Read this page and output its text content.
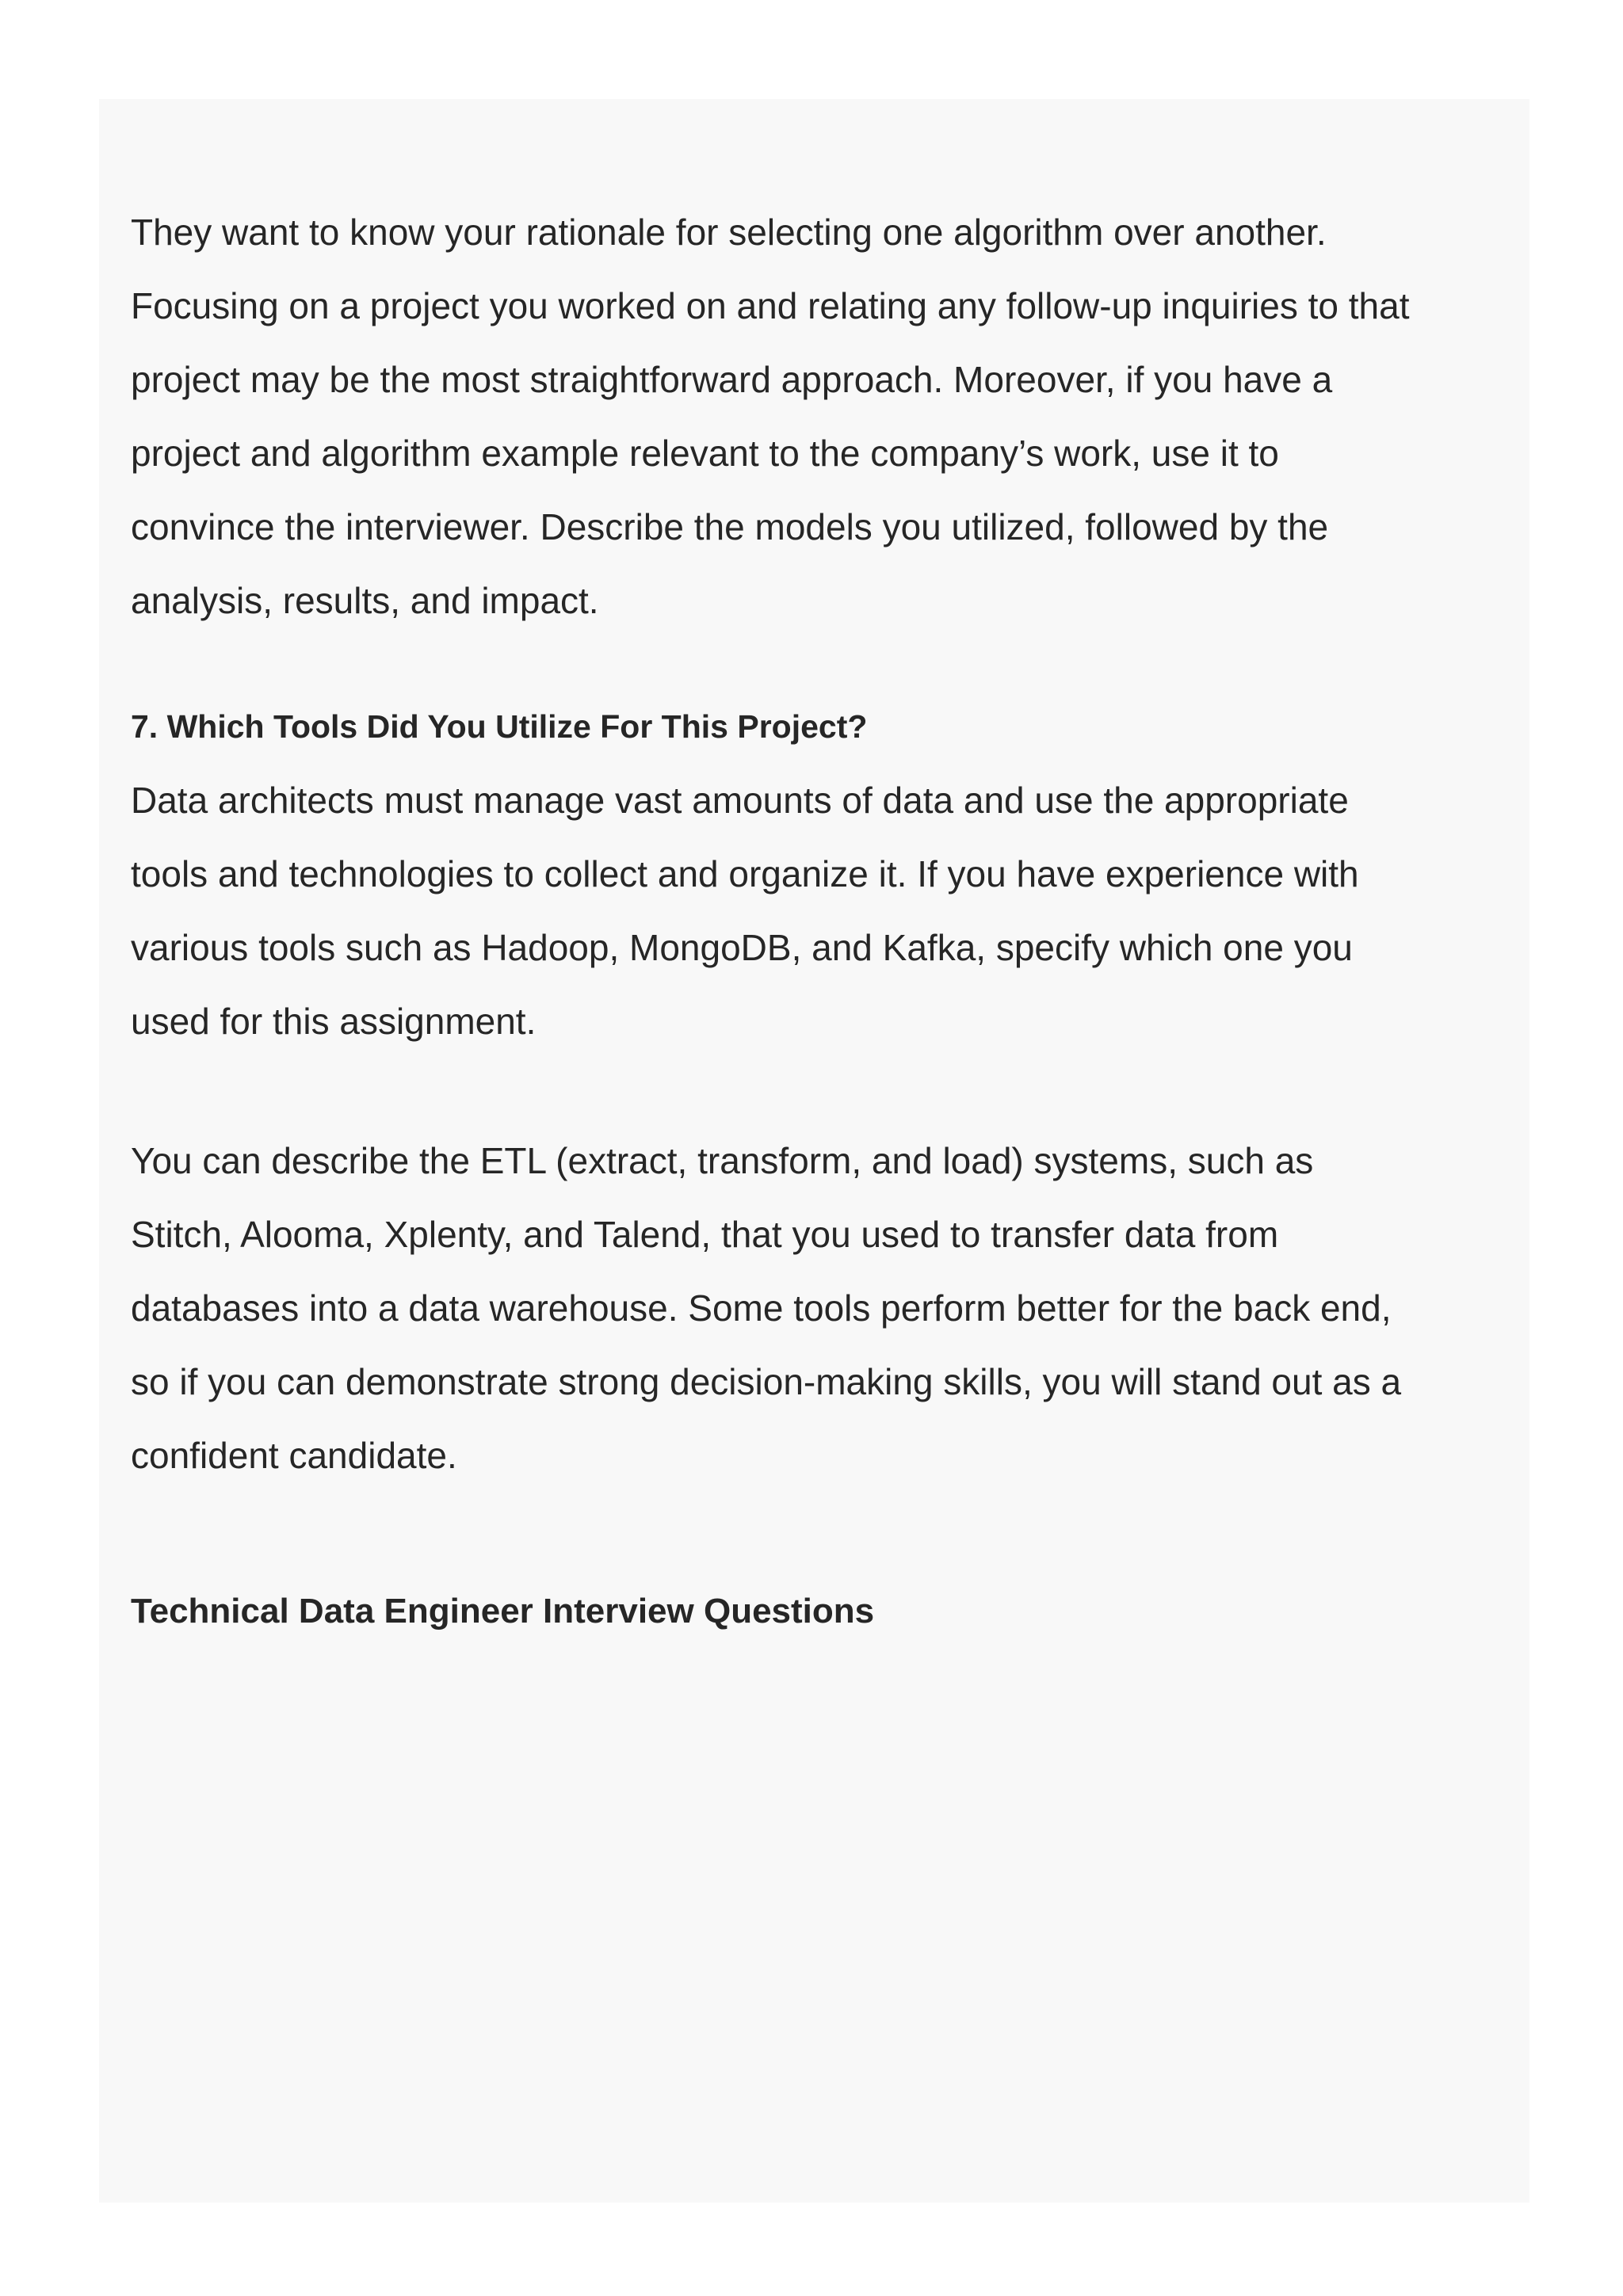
They want to know your rationale for selecting one algorithm over another.
Focusing on a project you worked on and relating any follow-up inquiries to that
project may be the most straightforward approach. Moreover, if you have a
project and algorithm example relevant to the company’s work, use it to
convince the interviewer. Describe the models you utilized, followed by the
analysis, results, and impact.
7. Which Tools Did You Utilize For This Project?
Data architects must manage vast amounts of data and use the appropriate
tools and technologies to collect and organize it. If you have experience with
various tools such as Hadoop, MongoDB, and Kafka, specify which one you
used for this assignment.
You can describe the ETL (extract, transform, and load) systems, such as
Stitch, Alooma, Xplenty, and Talend, that you used to transfer data from
databases into a data warehouse. Some tools perform better for the back end,
so if you can demonstrate strong decision-making skills, you will stand out as a
confident candidate.
Technical Data Engineer Interview Questions
